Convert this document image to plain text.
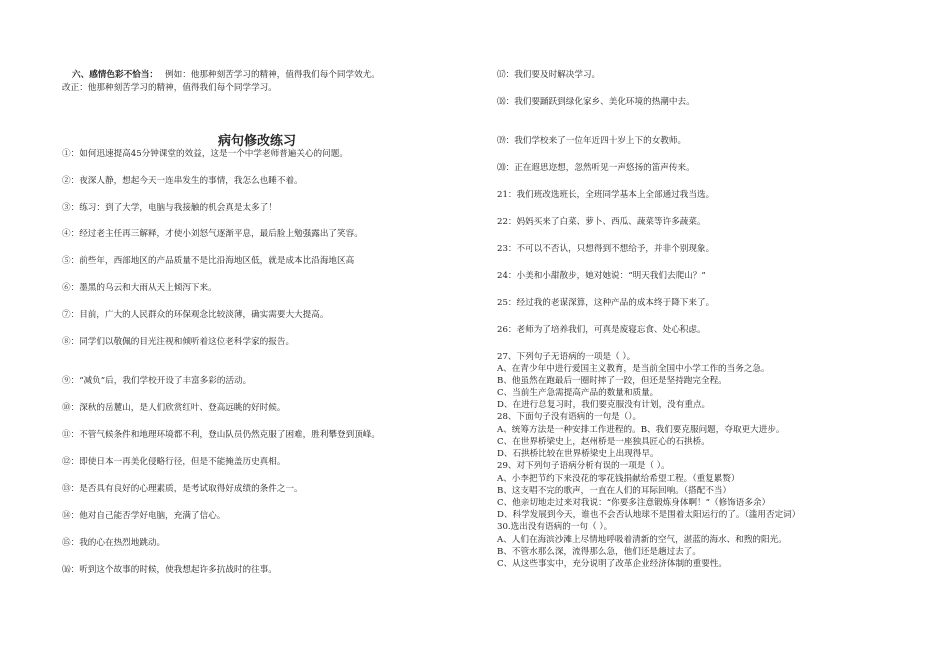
六、感情色彩不恰当： 例如：他那种刻苦学习的精神，值得我们每个同学效尤。
改正：他那种刻苦学习的精神，值得我们每个同学学习。
病句修改练习
①：如何迅速提高45分钟课堂的效益，这是一个中学老师普遍关心的问题。
②：夜深人静，想起今天一连串发生的事情，我怎么也睡不着。
③：练习：到了大学，电脑与我接触的机会真是太多了！
④：经过老主任再三解释，才使小刘怒气逐渐平息，最后脸上勉强露出了笑容。
⑤：前些年，西部地区的产品质量不是比沿海地区低，就是成本比沿海地区高
⑥：墨黑的乌云和大雨从天上倾泻下来。
⑦：目前，广大的人民群众的环保观念比较淡薄，确实需要大大提高。
⑧：同学们以敬佩的目光注视和倾听着这位老科学家的报告。
⑨：“减负”后，我们学校开设了丰富多彩的活动。
⑩：深秋的岳麓山，是人们欣赏红叶、登高远眺的好时候。
⑪：不管气候条件和地理环境都不利，登山队员仍然克服了困难，胜利攀登到顶峰。
⑫：即使日本一再美化侵略行径，但是不能掩盖历史真相。
⑬：是否具有良好的心理素质，是考试取得好成绩的条件之一。
⑭：他对自己能否学好电脑，充满了信心。
⑮：我的心在热烈地跳动。
⒃：听到这个故事的时候，使我想起许多抗战时的往事。
⒄：我们要及时解决学习。
⒅：我们要踊跃到绿化家乡、美化环境的热潮中去。
⒆：我们学校来了一位年近四十岁上下的女教师。
⒇：正在遐思迩想，忽然听见一声悠扬的笛声传来。
21：我们班改选班长，全班同学基本上全部通过我当选。
22：妈妈买来了白菜、萝卜、西瓜、蔬菜等许多蔬菜。
23：不可以不否认，只想得到不想给予，并非个别现象。
24：小美和小甜散步，她对她说：“明天我们去爬山？”
25：经过我的老谋深算，这种产品的成本终于降下来了。
26：老师为了培养我们，可真是废寝忘食、处心积虑。
27、下列句子无语病的一项是（ ）。
A、在青少年中进行爱国主义教育，是当前全国中小学工作的当务之急。
B、他虽然在跑最后一圈时摔了一跤，但还是坚持跑完全程。
C、当前生产急需提高产品的数量和质量。
D、在进行总复习时，我们要克服没有计划，没有重点。
28、下面句子没有语病的一句是（）。
A、统筹方法是一种安排工作进程的。B、我们要克服问题，夺取更大进步。
C、在世界桥梁史上，赵州桥是一座独具匠心的石拱桥。
D、石拱桥比较在世界桥梁史上出现得早。
29、对下列句子语病分析有误的一项是（ ）。
A、小李把节约下来没花的零花钱捐献给希望工程。（重复累赘）
B、这支唱不完的歌声，一直在人们的耳际回响。（搭配不当）
C、他亲切地走过来对我说：“你要多注意锻炼身体啊！”（修饰语多余）
D、科学发展到今天，谁也不会否认地球不是围着太阳运行的了。（滥用否定词）
30.选出没有语病的一句（ ）。
A、人们在海滨沙滩上尽情地呼吸着清新的空气，湛蓝的海水、和煦的阳光。
B、不管水那么深，流得那么急，他们还是趟过去了。
C、从这些事实中，充分说明了改革企业经济体制的重要性。
